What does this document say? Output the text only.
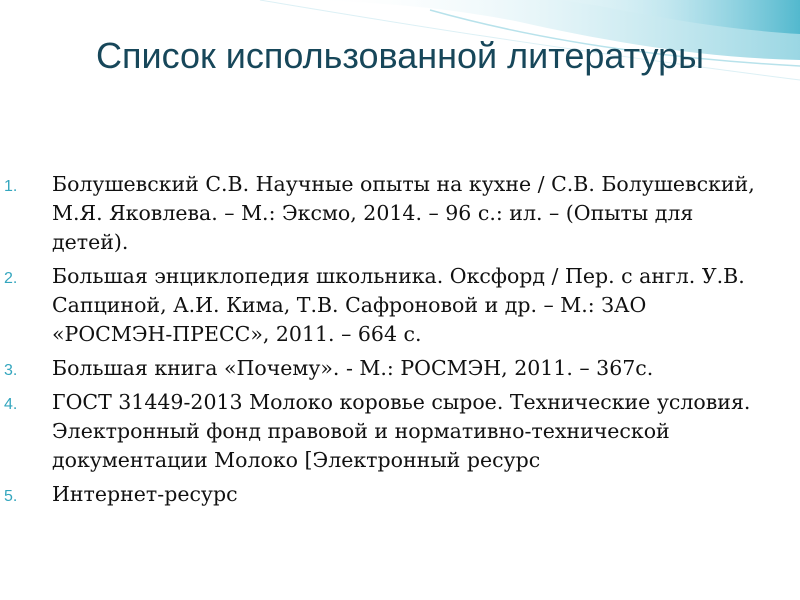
Список использованной литературы
1. Болушевский С.В. Научные опыты на кухне / С.В. Болушевский, М.Я. Яковлева. – М.: Эксмо, 2014. – 96 с.: ил. – (Опыты для детей).
2. Большая энциклопедия школьника. Оксфорд / Пер. с англ. У.В. Сапциной, А.И. Кима, Т.В. Сафроновой и др. – М.: ЗАО «РОСМЭН-ПРЕСС», 2011. – 664 с.
3. Большая книга «Почему». - М.: РОСМЭН, 2011. – 367с.
4. ГОСТ 31449-2013 Молоко коровье сырое. Технические условия. Электронный фонд правовой и нормативно-технической документации Молоко [Электронный ресурс
5. Интернет-ресурс
